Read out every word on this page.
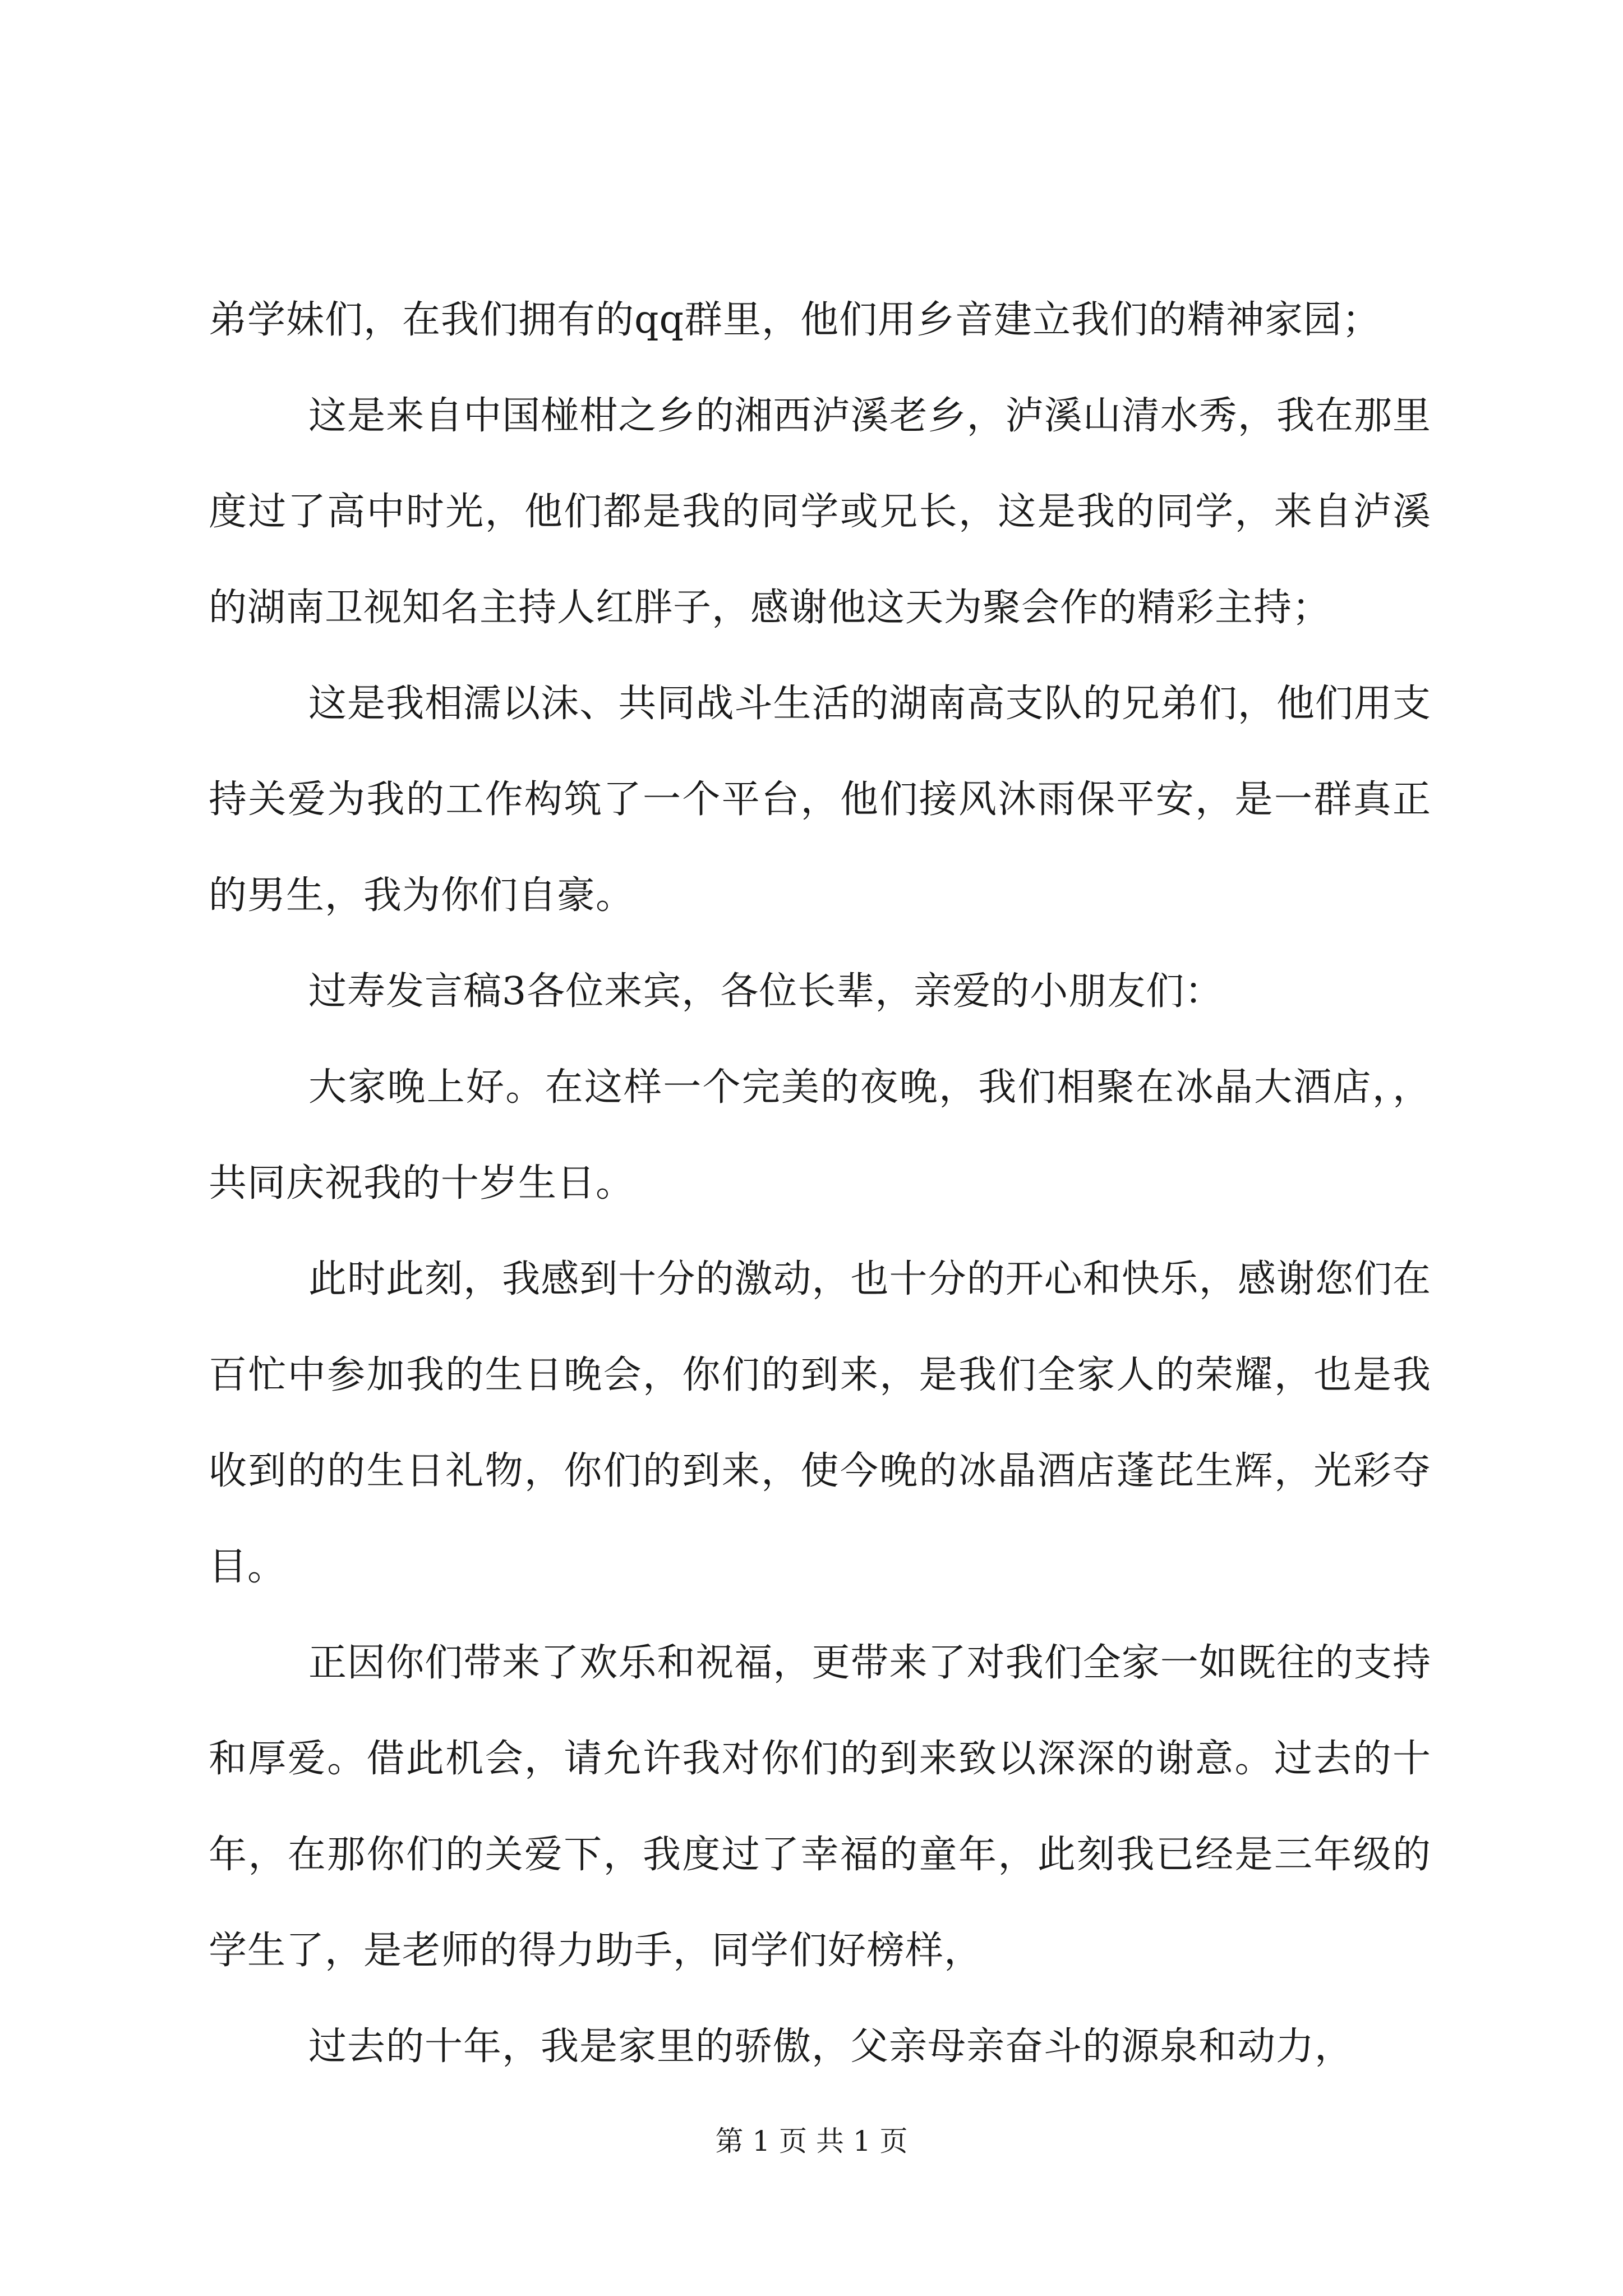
弟学妹们，在我们拥有的qq群里，他们用乡音建立我们的精神家园；

这是来自中国椪柑之乡的湘西泸溪老乡，泸溪山清水秀，我在那里度过了高中时光，他们都是我的同学或兄长，这是我的同学，来自泸溪的湖南卫视知名主持人红胖子，感谢他这天为聚会作的精彩主持；

这是我相濡以沫、共同战斗生活的湖南高支队的兄弟们，他们用支持关爱为我的工作构筑了一个平台，他们接风沐雨保平安，是一群真正的男生，我为你们自豪。

过寿发言稿3各位来宾，各位长辈，亲爱的小朋友们：

大家晚上好。在这样一个完美的夜晚，我们相聚在冰晶大酒店，，共同庆祝我的十岁生日。

此时此刻，我感到十分的激动，也十分的开心和快乐，感谢您们在百忙中参加我的生日晚会，你们的到来，是我们全家人的荣耀，也是我收到的的生日礼物，你们的到来，使今晚的冰晶酒店蓬芘生辉，光彩夺目。

正因你们带来了欢乐和祝福，更带来了对我们全家一如既往的支持和厚爱。借此机会，请允许我对你们的到来致以深深的谢意。过去的十年，在那你们的关爱下，我度过了幸福的童年，此刻我已经是三年级的学生了，是老师的得力助手，同学们好榜样，

过去的十年，我是家里的骄傲，父亲母亲奋斗的源泉和动力，

第 1 页 共 1 页
